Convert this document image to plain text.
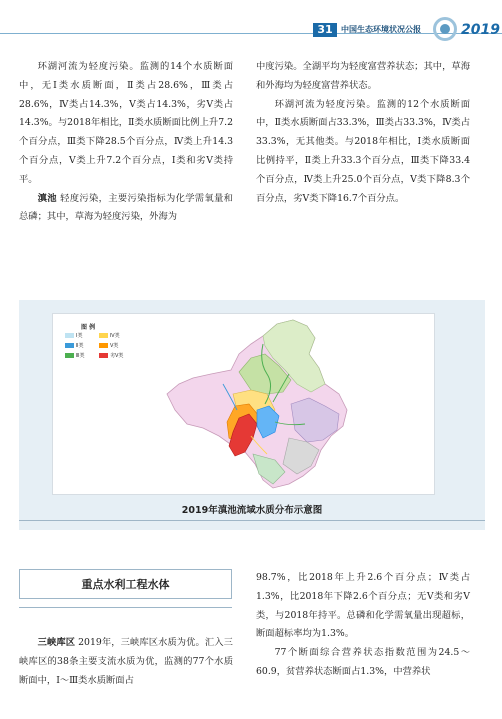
31	中国生态环境状况公报	2019

环湖河流为轻度污染。监测的14个水质断面中，无Ⅰ类水质断面，Ⅱ类占28.6%，Ⅲ类占28.6%，Ⅳ类占14.3%，Ⅴ类占14.3%，劣Ⅴ类占14.3%。与2018年相比，Ⅱ类水质断面比例上升7.2个百分点，Ⅲ类下降28.5个百分点，Ⅳ类上升14.3个百分点，Ⅴ类上升7.2个百分点，Ⅰ类和劣Ⅴ类持平。

滇池 轻度污染，主要污染指标为化学需氧量和总磷；其中，草海为轻度污染，外海为

中度污染。全湖平均为轻度富营养状态；其中，草海和外海均为轻度富营养状态。

环湖河流为轻度污染。监测的12个水质断面中，Ⅱ类水质断面占33.3%，Ⅲ类占33.3%，Ⅳ类占33.3%，无其他类。与2018年相比，Ⅰ类水质断面比例持平，Ⅱ类上升33.3个百分点，Ⅲ类下降33.4个百分点，Ⅳ类上升25.0个百分点，Ⅴ类下降8.3个百分点，劣Ⅴ类下降16.7个百分点。

图 例
Ⅰ类
Ⅱ类
Ⅲ类
Ⅳ类
Ⅴ类
劣Ⅴ类
2019年滇池流域水质分布示意图
重点水利工程水体

三峡库区 2019年，三峡库区水质为优。汇入三峡库区的38条主要支流水质为优，监测的77个水质断面中，Ⅰ～Ⅲ类水质断面占

98.7%，比2018年上升2.6个百分点；Ⅳ类占1.3%，比2018年下降2.6个百分点；无Ⅴ类和劣Ⅴ类，与2018年持平。总磷和化学需氧量出现超标，断面超标率均为1.3%。

77个断面综合营养状态指数范围为24.5～60.9，贫营养状态断面占1.3%，中营养状
